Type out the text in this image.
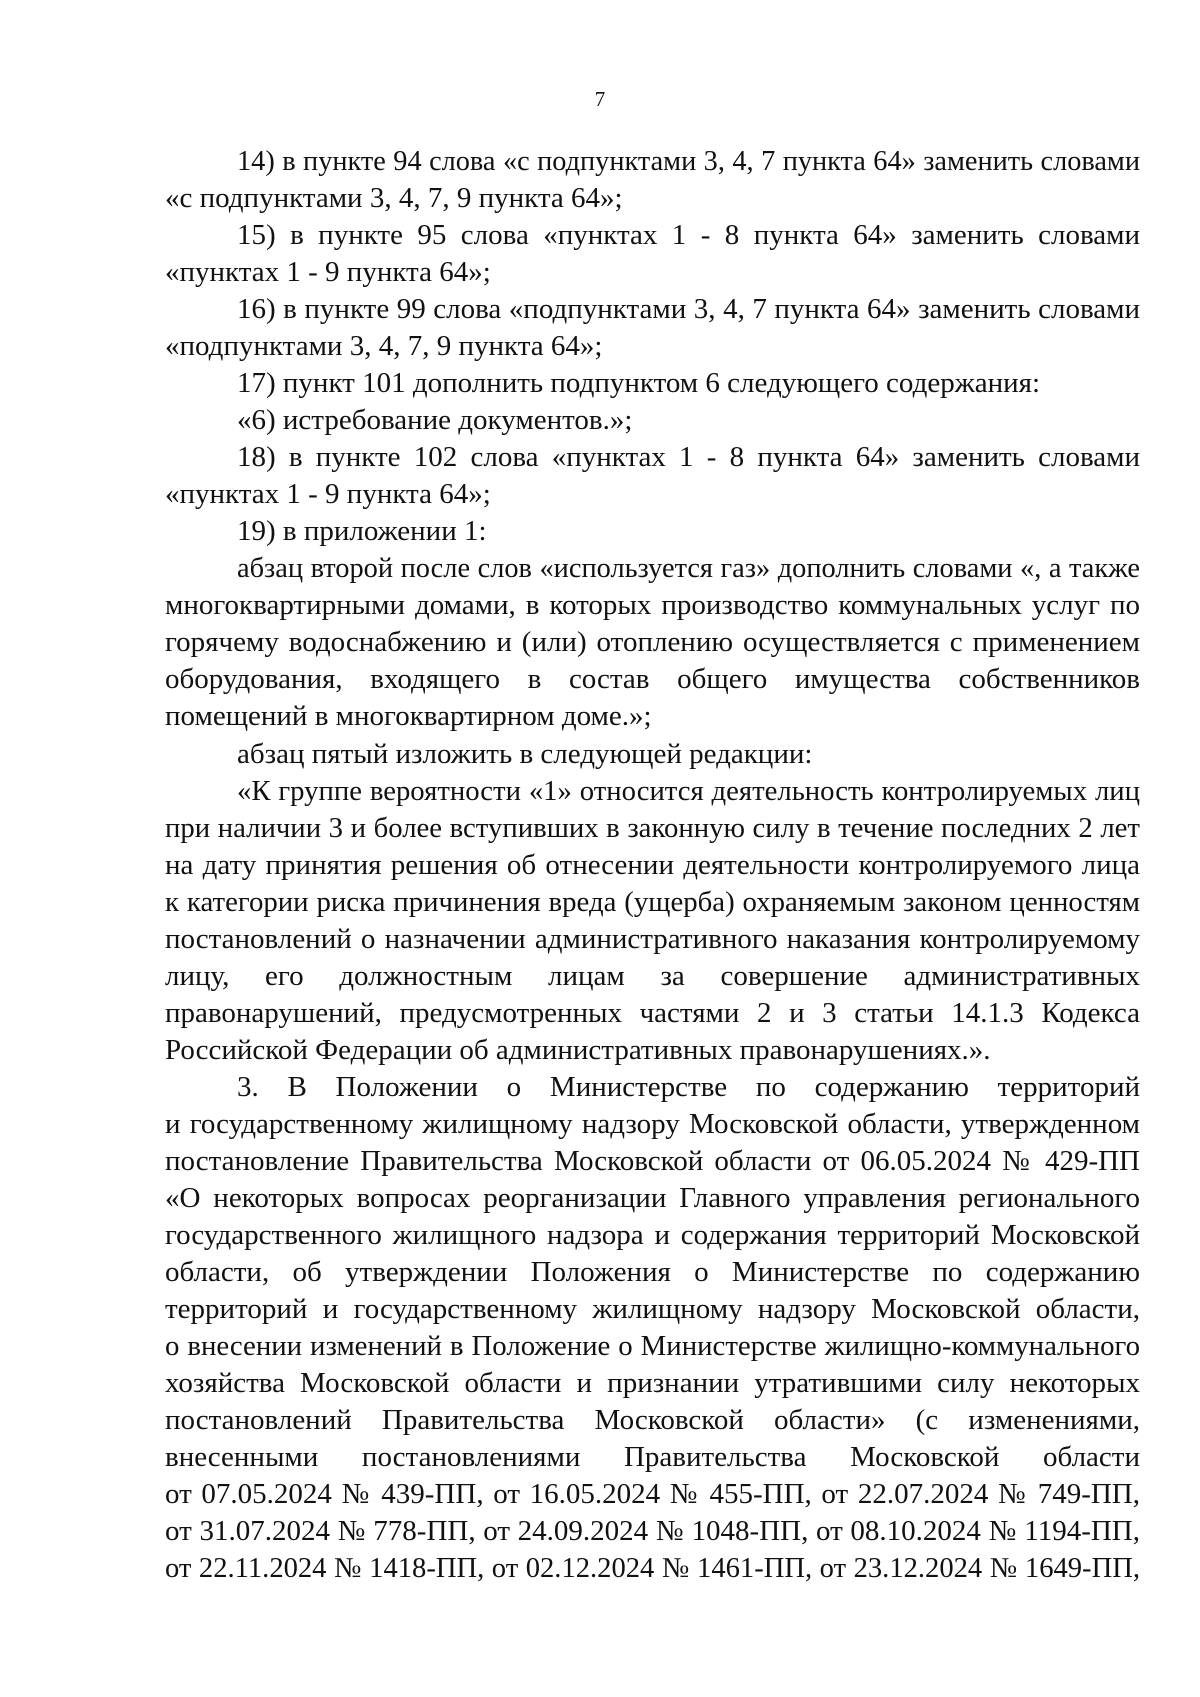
7
14) в пункте 94 слова «с подпунктами 3, 4, 7 пункта 64» заменить словами
«с подпунктами 3, 4, 7, 9 пункта 64»;
15) в пункте 95 слова «пунктах 1 - 8 пункта 64» заменить словами
«пунктах 1 - 9 пункта 64»;
16) в пункте 99 слова «подпунктами 3, 4, 7 пункта 64» заменить словами
«подпунктами 3, 4, 7, 9 пункта 64»;
17) пункт 101 дополнить подпунктом 6 следующего содержания:
«6) истребование документов.»;
18) в пункте 102 слова «пунктах 1 - 8 пункта 64» заменить словами
«пунктах 1 - 9 пункта 64»;
19) в приложении 1:
абзац второй после слов «используется газ» дополнить словами «, а также
многоквартирными домами, в которых производство коммунальных услуг по
горячему водоснабжению и (или) отоплению осуществляется с применением
оборудования, входящего в состав общего имущества собственников
помещений в многоквартирном доме.»;
абзац пятый изложить в следующей редакции:
«К группе вероятности «1» относится деятельность контролируемых лиц
при наличии 3 и более вступивших в законную силу в течение последних 2 лет
на дату принятия решения об отнесении деятельности контролируемого лица
к категории риска причинения вреда (ущерба) охраняемым законом ценностям
постановлений о назначении административного наказания контролируемому
лицу, его должностным лицам за совершение административных
правонарушений, предусмотренных частями 2 и 3 статьи 14.1.3 Кодекса
Российской Федерации об административных правонарушениях.».
3. В Положении о Министерстве по содержанию территорий
и государственному жилищному надзору Московской области, утвержденном
постановление Правительства Московской области от 06.05.2024 № 429-ПП
«О некоторых вопросах реорганизации Главного управления регионального
государственного жилищного надзора и содержания территорий Московской
области, об утверждении Положения о Министерстве по содержанию
территорий и государственному жилищному надзору Московской области,
о внесении изменений в Положение о Министерстве жилищно-коммунального
хозяйства Московской области и признании утратившими силу некоторых
постановлений Правительства Московской области» (с изменениями,
внесенными постановлениями Правительства Московской области
от 07.05.2024 № 439-ПП, от 16.05.2024 № 455-ПП, от 22.07.2024 № 749-ПП,
от 31.07.2024 № 778-ПП, от 24.09.2024 № 1048-ПП, от 08.10.2024 № 1194-ПП,
от 22.11.2024 № 1418-ПП, от 02.12.2024 № 1461-ПП, от 23.12.2024 № 1649-ПП,
